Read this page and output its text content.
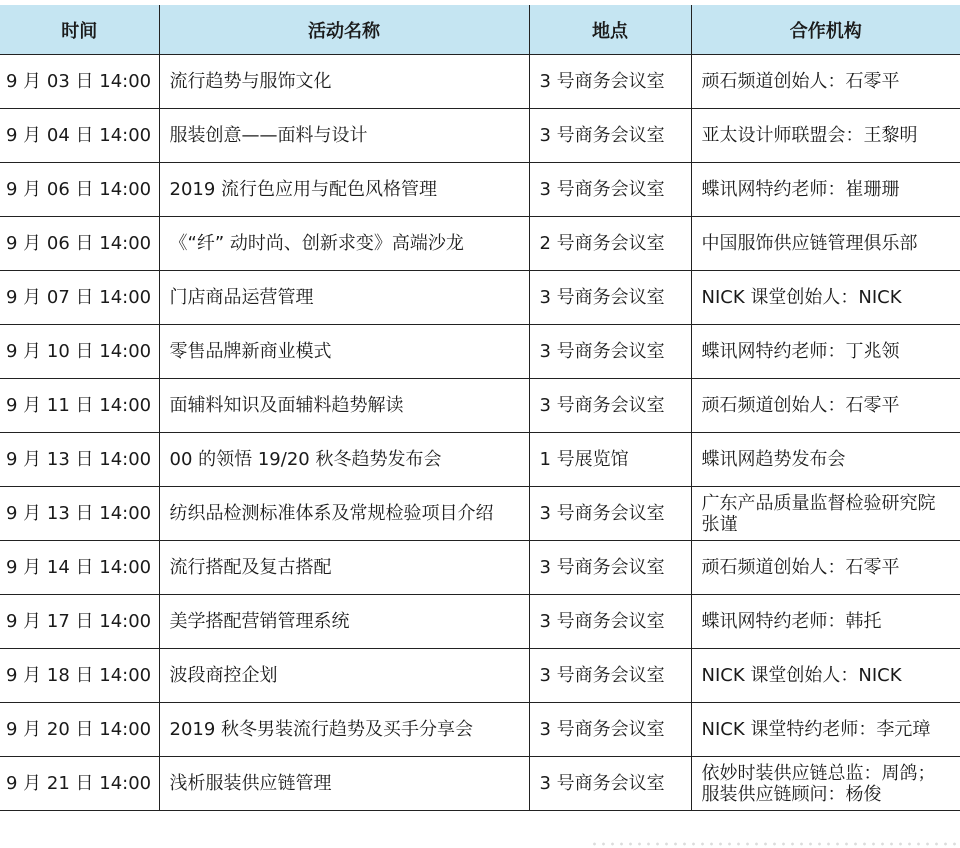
时间	活动名称	地点	合作机构
9 月 03 日 14:00	流行趋势与服饰文化	3 号商务会议室	顽石频道创始人：石零平

9 月 04 日 14:00	服装创意——面料与设计	3 号商务会议室	亚太设计师联盟会：王黎明

9 月 06 日 14:00	2019 流行色应用与配色风格管理	3 号商务会议室	蝶讯网特约老师：崔珊珊

9 月 06 日 14:00	《“纤” 动时尚、创新求变》高端沙龙	2 号商务会议室	中国服饰供应链管理俱乐部

9 月 07 日 14:00	门店商品运营管理	3 号商务会议室	NICK 课堂创始人：NICK

9 月 10 日 14:00	零售品牌新商业模式	3 号商务会议室	蝶讯网特约老师：丁兆领

9 月 11 日 14:00	面辅料知识及面辅料趋势解读	3 号商务会议室	顽石频道创始人：石零平

9 月 13 日 14:00	00 的领悟 19/20 秋冬趋势发布会	1 号展览馆	蝶讯网趋势发布会

9 月 13 日 14:00	纺织品检测标准体系及常规检验项目介绍	3 号商务会议室	广东产品质量监督检验研究院
张谨

9 月 14 日 14:00	流行搭配及复古搭配	3 号商务会议室	顽石频道创始人：石零平

9 月 17 日 14:00	美学搭配营销管理系统	3 号商务会议室	蝶讯网特约老师：韩托

9 月 18 日 14:00	波段商控企划	3 号商务会议室	NICK 课堂创始人：NICK

9 月 20 日 14:00	2019 秋冬男装流行趋势及买手分享会	3 号商务会议室	NICK 课堂特约老师：李元璋

9 月 21 日 14:00	浅析服装供应链管理	3 号商务会议室	依妙时装供应链总监：周鸽；
服装供应链顾问：杨俊
